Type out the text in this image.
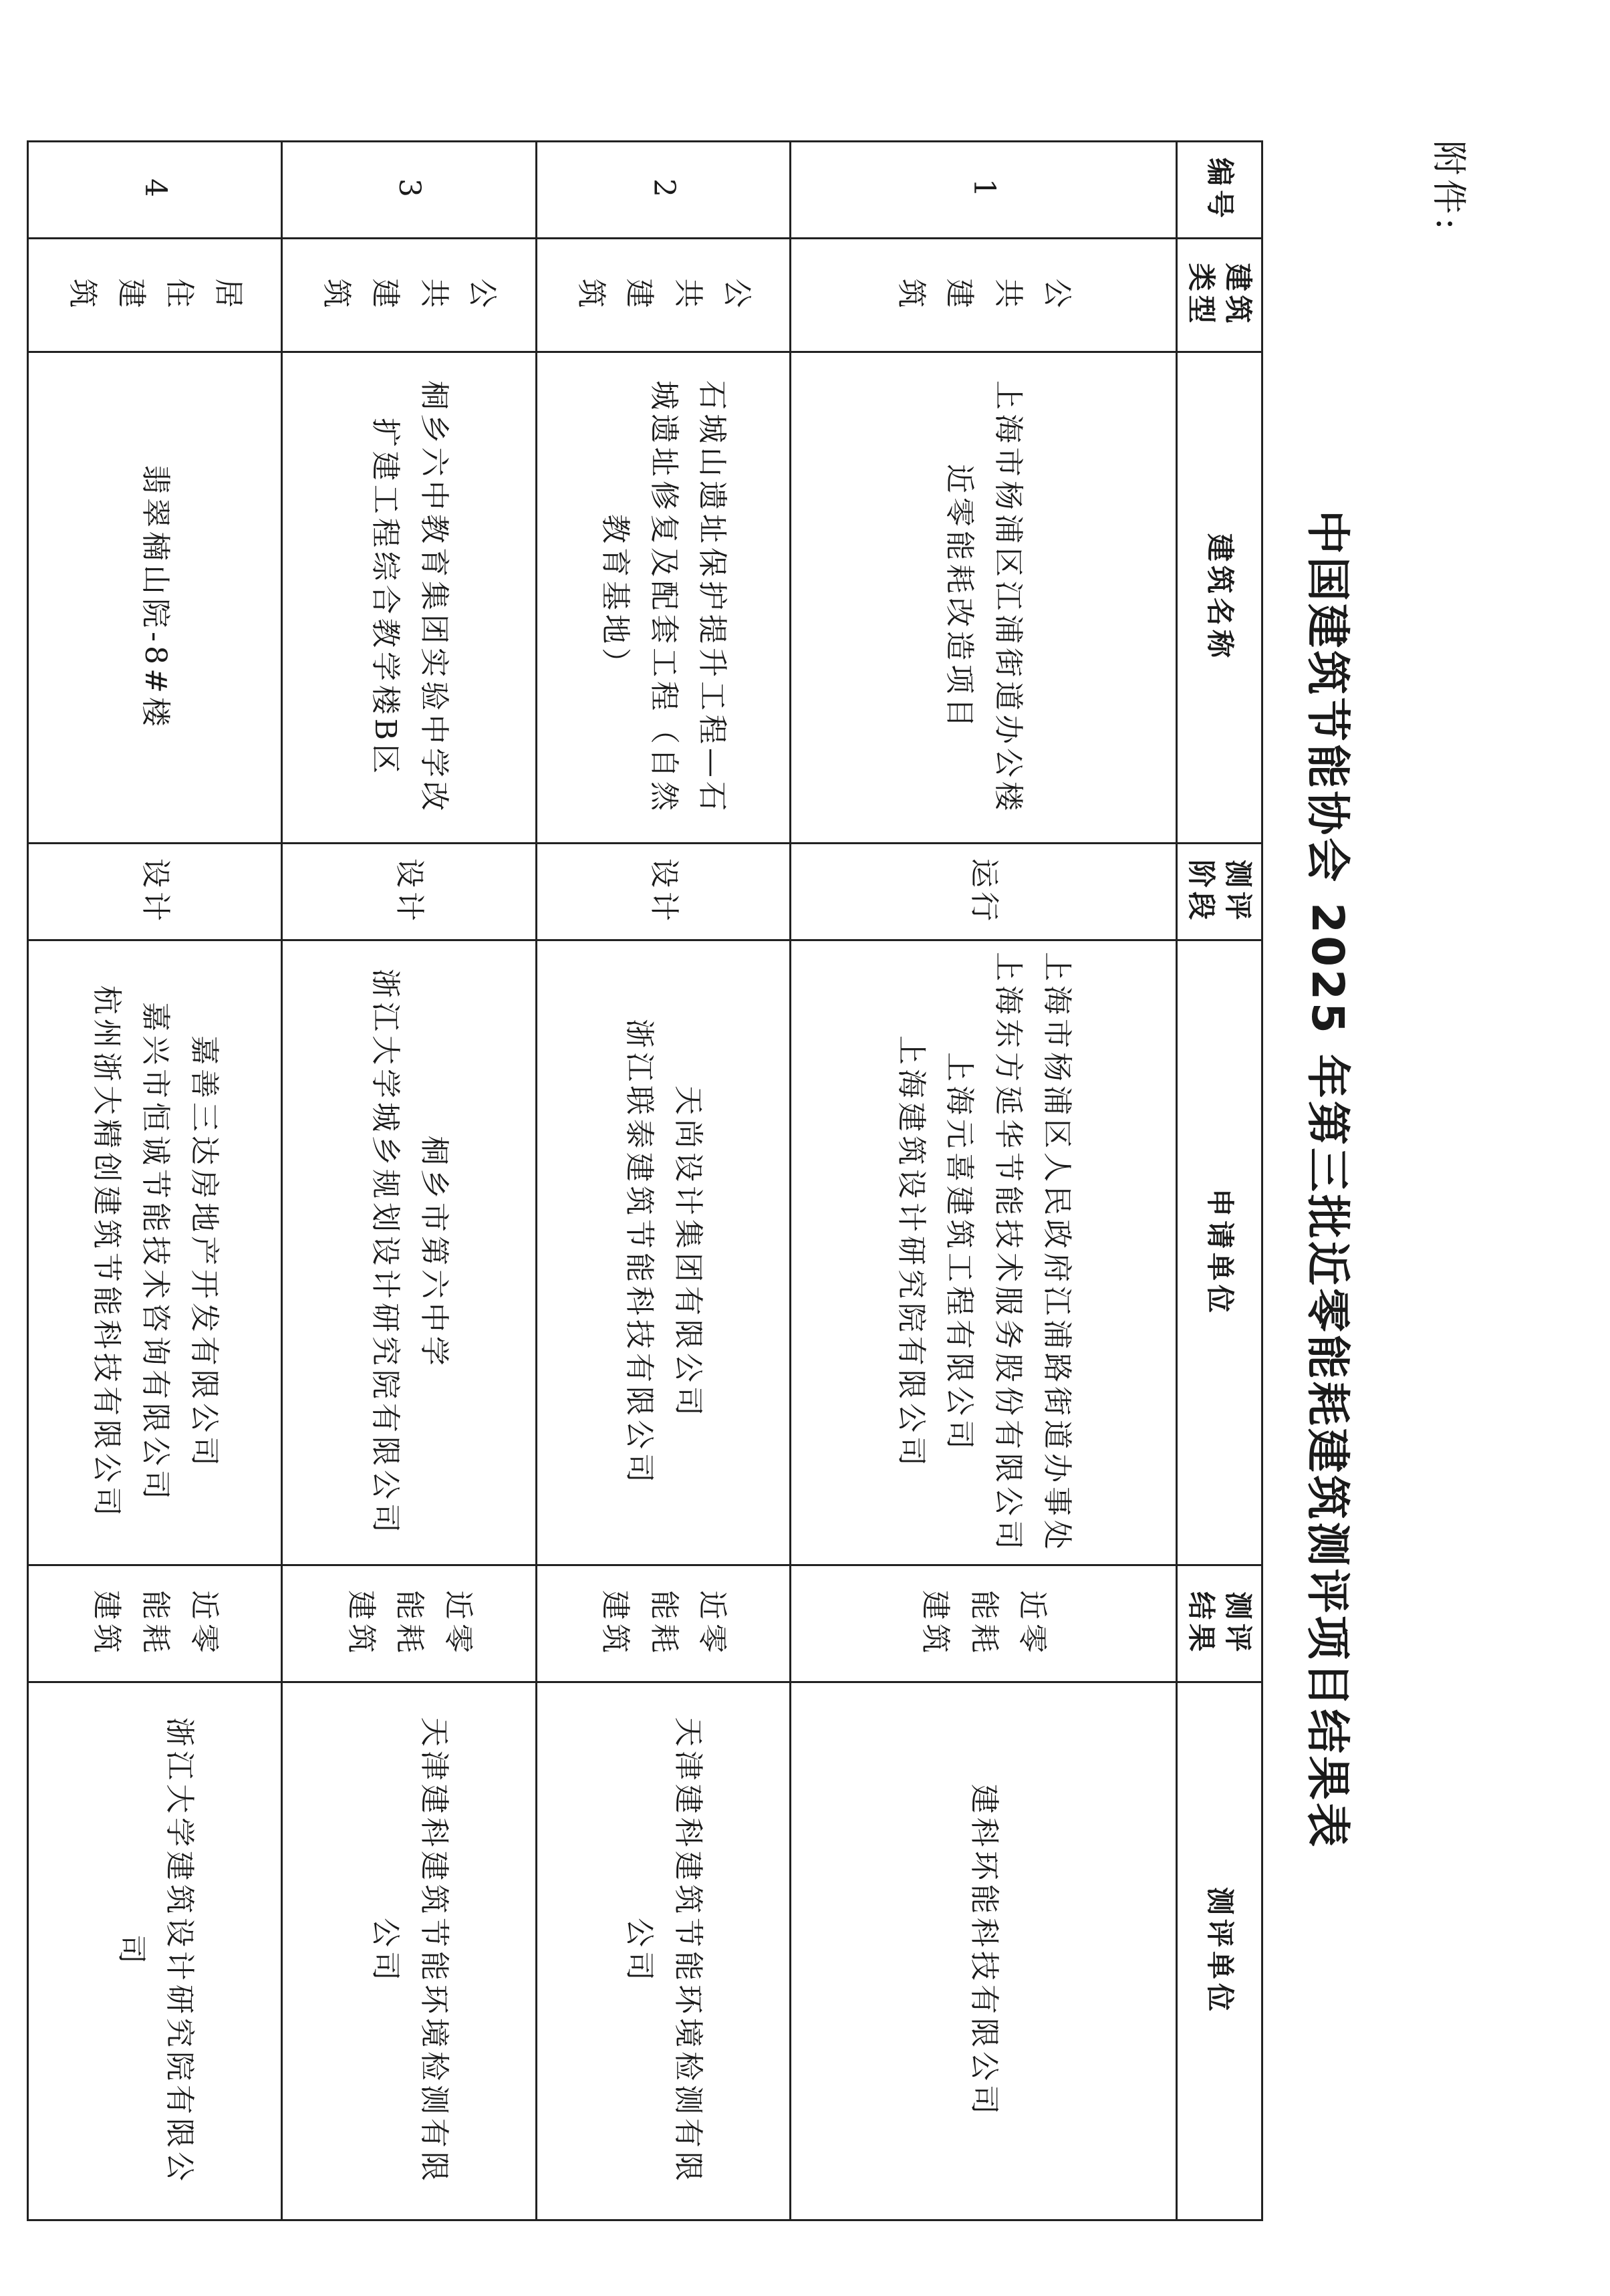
附件:
中国建筑节能协会 2025 年第三批近零能耗建筑测评项目结果表
编号	建筑类型	建筑名称	测评阶段	申请单位	测评结果	测评单位
1	公共建筑	上海市杨浦区江浦街道办公楼近零能耗改造项目	运行	上海市杨浦区人民政府江浦路街道办事处
上海东方延华节能技术服务股份有限公司
上海元喜建筑工程有限公司
上海建筑设计研究院有限公司	近零能耗建筑	建科环能科技有限公司
2	公共建筑	石城山遗址保护提升工程—石城遗址修复及配套工程（自然教育基地）	设计	天尚设计集团有限公司
浙江联泰建筑节能科技有限公司	近零能耗建筑	天津建科建筑节能环境检测有限公司
3	公共建筑	桐乡六中教育集团实验中学改扩建工程综合教学楼B区	设计	桐乡市第六中学
浙江大学城乡规划设计研究院有限公司	近零能耗建筑	天津建科建筑节能环境检测有限公司
4	居住建筑	翡翠楠山院-8#楼	设计	嘉善三达房地产开发有限公司
嘉兴市恒诚节能技术咨询有限公司
杭州浙大精创建筑节能科技有限公司	近零能耗建筑	浙江大学建筑设计研究院有限公司
